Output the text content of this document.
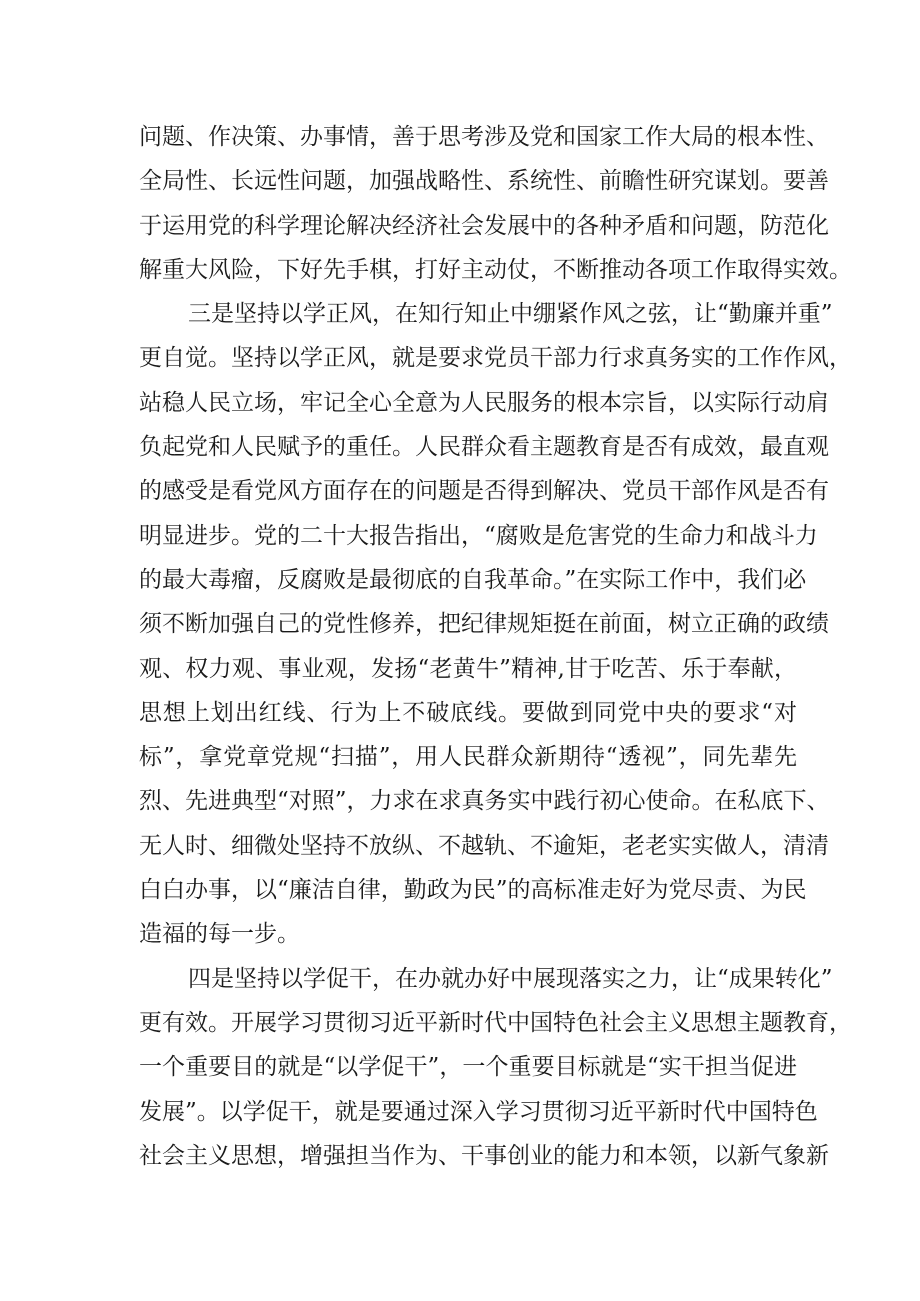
问题、作决策、办事情，善于思考涉及党和国家工作大局的根本性、
全局性、长远性问题，加强战略性、系统性、前瞻性研究谋划。要善
于运用党的科学理论解决经济社会发展中的各种矛盾和问题，防范化
解重大风险，下好先手棋，打好主动仗，不断推动各项工作取得实效。
三是坚持以学正风，在知行知止中绷紧作风之弦，让“勤廉并重”
更自觉。坚持以学正风，就是要求党员干部力行求真务实的工作作风，
站稳人民立场，牢记全心全意为人民服务的根本宗旨，以实际行动肩
负起党和人民赋予的重任。人民群众看主题教育是否有成效，最直观
的感受是看党风方面存在的问题是否得到解决、党员干部作风是否有
明显进步。党的二十大报告指出，“腐败是危害党的生命力和战斗力
的最大毒瘤，反腐败是最彻底的自我革命。”在实际工作中，我们必
须不断加强自己的党性修养，把纪律规矩挺在前面，树立正确的政绩
观、权力观、事业观，发扬“老黄牛”精神,甘于吃苦、乐于奉献，
思想上划出红线、行为上不破底线。要做到同党中央的要求“对
标”，拿党章党规“扫描”，用人民群众新期待“透视”，同先辈先
烈、先进典型“对照”，力求在求真务实中践行初心使命。在私底下、
无人时、细微处坚持不放纵、不越轨、不逾矩，老老实实做人，清清
白白办事，以“廉洁自律，勤政为民”的高标准走好为党尽责、为民
造福的每一步。
四是坚持以学促干，在办就办好中展现落实之力，让“成果转化”
更有效。开展学习贯彻习近平新时代中国特色社会主义思想主题教育，
一个重要目的就是“以学促干”，一个重要目标就是“实干担当促进
发展”。以学促干，就是要通过深入学习贯彻习近平新时代中国特色
社会主义思想，增强担当作为、干事创业的能力和本领，以新气象新
